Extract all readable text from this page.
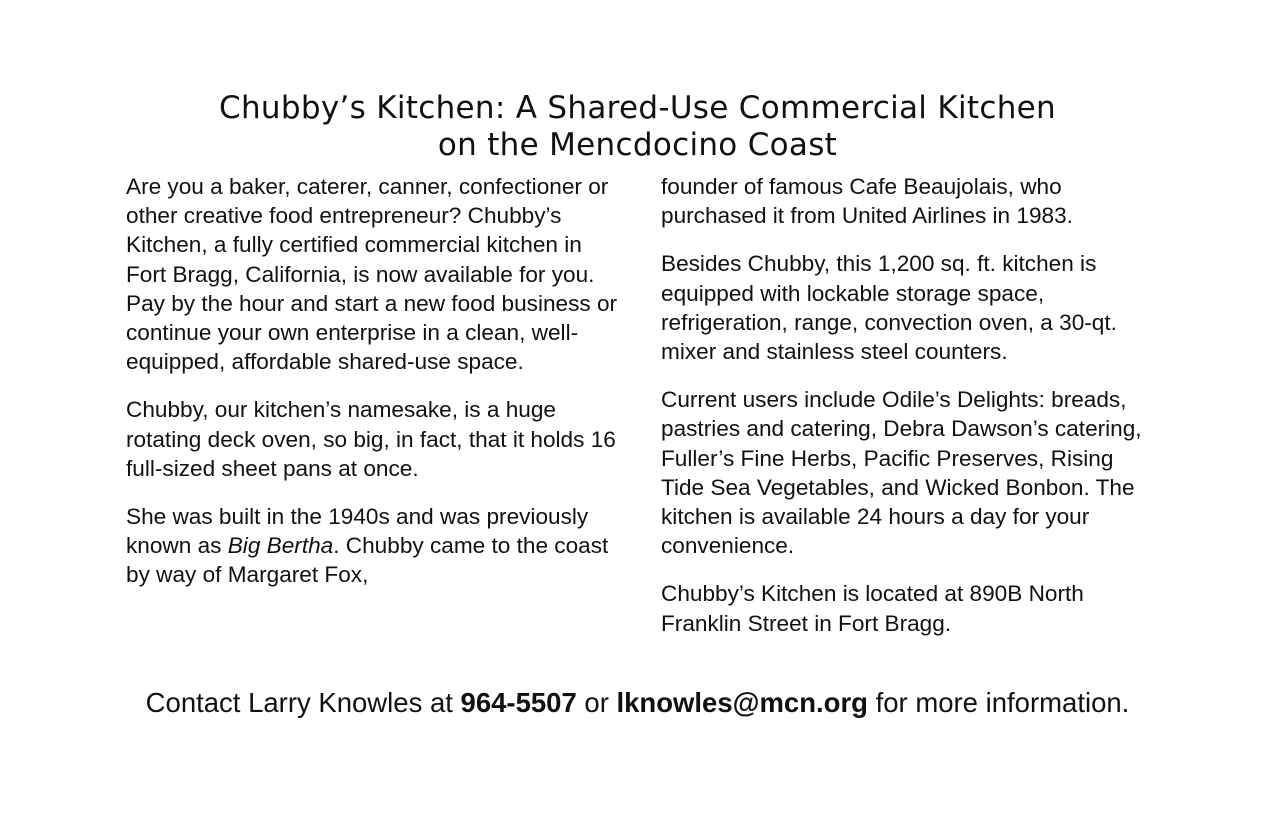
Chubby’s Kitchen: A Shared-Use Commercial Kitchen
on the Mencdocino Coast

Are you a baker, caterer, canner, confectioner or other creative food entrepreneur? Chubby’s Kitchen, a fully certified commercial kitchen in Fort Bragg, California, is now available for you. Pay by the hour and start a new food business or continue your own enterprise in a clean, well-equipped, affordable shared-use space.

Chubby, our kitchen’s namesake, is a huge rotating deck oven, so big, in fact, that it holds 16 full-sized sheet pans at once.

She was built in the 1940s and was previously known as Big Bertha. Chubby came to the coast by way of Margaret Fox,

founder of famous Cafe Beaujolais, who purchased it from United Airlines in 1983.

Besides Chubby, this 1,200 sq. ft. kitchen is equipped with lockable storage space, refrigeration, range, convection oven, a 30-qt. mixer and stainless steel counters.

Current users include Odile’s Delights: breads, pastries and catering, Debra Dawson’s catering, Fuller’s Fine Herbs, Pacific Preserves, Rising Tide Sea Vegetables, and Wicked Bonbon. The kitchen is available 24 hours a day for your convenience.

Chubby’s Kitchen is located at 890B North Franklin Street in Fort Bragg.

Contact Larry Knowles at 964-5507 or lknowles@mcn.org for more information.
